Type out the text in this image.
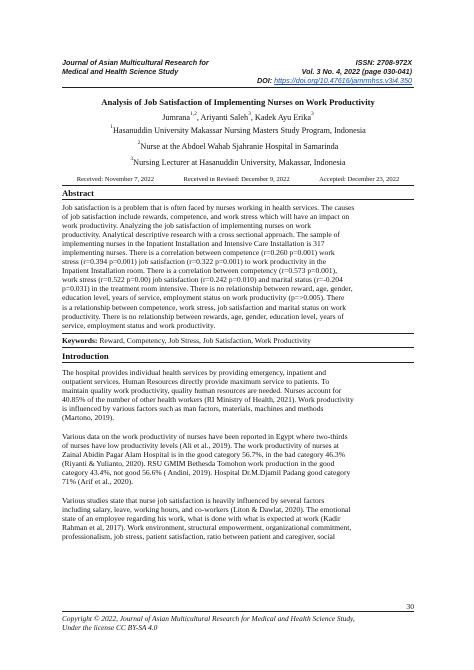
Journal of Asian Multicultural Research for
Medical and Health Science Study
ISSN: 2708-972X
Vol. 3 No. 4, 2022 (page 030-041)
DOI: https://doi.org/10.47616/jamrmhss.v3i4.350
Analysis of Job Satisfaction of Implementing Nurses on Work Productivity
Jumrana$^{1,2}$, Ariyanti Saleh$^3$, Kadek Ayu Erika$^3$
$^1$Hasanuddin University Makassar Nursing Masters Study Program, Indonesia
$^2$Nurse at the Abdoel Wahab Sjahranie Hospital in Samarinda
$^3$Nursing Lecturer at Hasanuddin University, Makassar, Indonesia
Received: November 7, 2022	Received in Revised: December 9, 2022	Accepted: December 23, 2022
Abstract
Job satisfaction is a problem that is often faced by nurses working in health services. The causes
of job satisfaction include rewards, competence, and work stress which will have an impact on
work productivity. Analyzing the job satisfaction of implementing nurses on work
productivity. Analytical descriptive research with a cross sectional approach. The sample of
implementing nurses in the Inpatient Installation and Intensive Care Installation is 317
implementing nurses. There is a correlation between competence (r=0.260 p=0.001) work
stress (r=0.394 p=0.001) job satisfaction (r=0.322 p=0.001) to work productivity in the
Inpatient Installation room. There is a correlation between competency (r=0.573 p=0.001),
work stress (r=0.522 p=0.00) job satisfaction (r=0.242 p=0.010) and marital status (r=-0.204
p=0.031) in the treatment room intensive. There is no relationship between reward, age, gender,
education level, years of service, employment status on work productivity (p=>0.005). There
is a relationship between competence, work stress, job satisfaction and marital status on work
productivity. There is no relationship between rewards, age, gender, education level, years of
service, employment status and work productivity.
Keywords: Reward, Competency, Job Stress, Job Satisfaction, Work Productivity
Introduction
The hospital provides individual health services by providing emergency, inpatient and
outpatient services. Human Resources directly provide maximum service to patients. To
maintain quality work productivity, quality human resources are needed. Nurses account for
40.85% of the number of other health workers (RI Ministry of Health, 2021). Work productivity
is influenced by various factors such as man factors, materials, machines and methods
(Martono, 2019).
Various data on the work productivity of nurses have been reported in Egypt where two-thirds
of nurses have low productivity levels (Ali et al., 2019). The work productivity of nurses at
Zainal Abidin Pagar Alam Hospital is in the good category 56.7%, in the bad category 46.3%
(Riyanti & Yulianto, 2020). RSU GMIM Bethesda Tomohon work production in the good
category 43.4%, not good 56.6% ( Andini, 2019). Hospital Dr.M.Djamil Padang good category
71% (Arif et al., 2020).
Various studies state that nurse job satisfaction is heavily influenced by several factors
including salary, leave, working hours, and co-workers (Liton & Dawlat, 2020). The emotional
state of an employee regarding his work, what is done with what is expected at work (Kadir
Rahman et al, 2017). Work environment, structural empowerment, organizational commitment,
professionalism, job stress, patient satisfaction, ratio between patient and caregiver, social
30
Copyright © 2022, Journal of Asian Multicultural Research for Medical and Health Science Study,
Under the license CC BY-SA 4.0
